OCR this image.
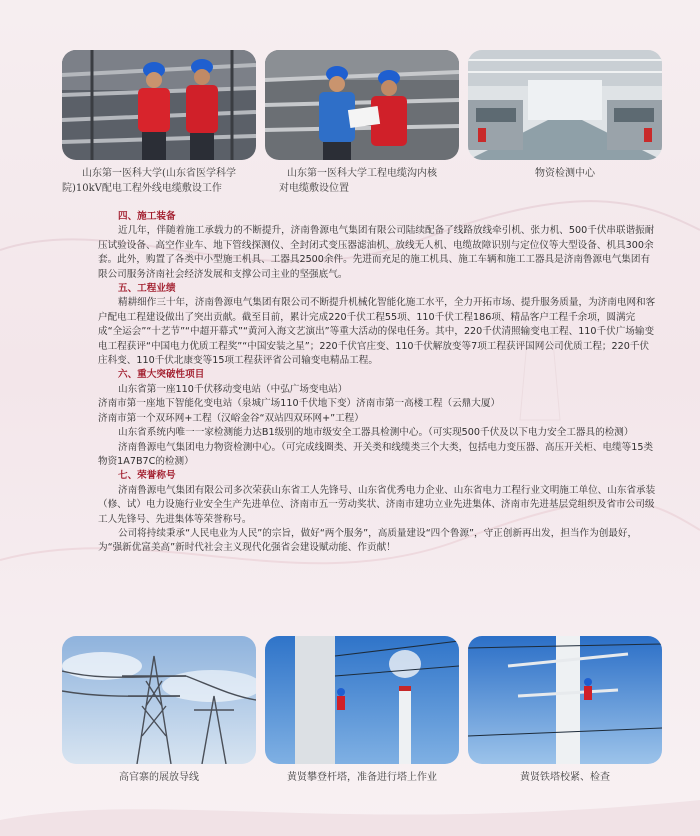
山东第一医科大学(山东省医学科学
院)10kV配电工程外线电缆敷设工作
山东第一医科大学工程电缆沟内核
对电缆敷设位置
物资检测中心

四、施工装备

近几年，伴随着施工承载力的不断提升，济南鲁源电气集团有限公司陆续配备了线路放线牵引机、张力机、500千伏串联谐振耐压试验设备、高空作业车、地下管线探测仪、全封闭式变压器滤油机、放线无人机、电缆故障识别与定位仪等大型设备、机具300余套。此外，购置了各类中小型施工机具、工器具2500余件。先进而充足的施工机具、施工车辆和施工工器具是济南鲁源电气集团有限公司服务济南社会经济发展和支撑公司主业的坚强底气。

五、工程业绩

精耕细作三十年，济南鲁源电气集团有限公司不断提升机械化智能化施工水平，全力开拓市场、提升服务质量，为济南电网和客户配电工程建设做出了突出贡献。截至目前，累计完成220千伏工程55项、110千伏工程186项、精品客户工程千余项，圆满完成“全运会”“十艺节”“中超开幕式”“黄河入海文艺演出”等重大活动的保电任务。其中，220千伏清照输变电工程、110千伏广场输变电工程获评“中国电力优质工程奖”“中国安装之星”；220千伏官庄变、110千伏解放变等7项工程获评国网公司优质工程；220千伏庄科变、110千伏北康变等15项工程获评省公司输变电精品工程。

六、重大突破性项目

山东省第一座110千伏移动变电站（中弘广场变电站）

济南市第一座地下智能化变电站（泉城广场110千伏地下变）济南市第一高楼工程（云鼎大厦）

济南市第一个双环网+工程（汉峪金谷“双站四双环网+”工程）

山东省系统内唯一一家检测能力达B1级别的地市级安全工器具检测中心。（可实现500千伏及以下电力安全工器具的检测）

济南鲁源电气集团电力物资检测中心。（可完成线圈类、开关类和线缆类三个大类，包括电力变压器、高压开关柜、电缆等15类物资1A7B7C的检测）

七、荣誉称号

济南鲁源电气集团有限公司多次荣获山东省工人先锋号、山东省优秀电力企业、山东省电力工程行业文明施工单位、山东省承装（修、试）电力设施行业安全生产先进单位、济南市五一劳动奖状、济南市建功立业先进集体、济南市先进基层党组织及省市公司级工人先锋号、先进集体等荣誉称号。

公司将持续秉承“人民电业为人民”的宗旨，做好“两个服务”，高质量建设“四个鲁源”，守正创新再出发，担当作为创最好，为“强新优富美高”新时代社会主义现代化强省会建设赋动能、作贡献！

高官寨的展放导线	黄贤攀登杆塔，准备进行塔上作业	黄贤铁塔校紧、检查
